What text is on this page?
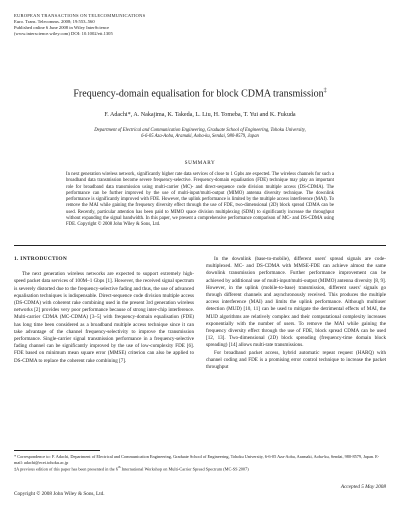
EUROPEAN TRANSACTIONS ON TELECOMMUNICATIONS
Euro. Trans. Telecomms. 2008; 19:553–560
Published online 6 June 2008 in Wiley InterScience
(www.interscience.wiley.com) DOI: 10.1002/ett.1305
Frequency-domain equalisation for block CDMA transmission‡
F. Adachi*, A. Nakajima, K. Takeda, L. Liu, H. Tomeba, T. Yui and K. Fukuda
Department of Electrical and Communication Engineering, Graduate School of Engineering, Tohoku University,
6-6-05 Aza-Aoba, Aramaki, Aoba-ku, Sendai, 980-8579, Japan
SUMMARY
In next generation wireless network, significantly higher rate data services of close to 1 Gpbs are expected. The wireless channels for such a broadband data transmission become severe frequency-selective. Frequency-domain equalisation (FDE) technique may play an important role for broadband data transmission using multi-carrier (MC)- and direct-sequence code division multiple access (DS-CDMA). The performance can be further improved by the use of multi-input/multi-output (MIMO) antenna diversity technique. The downlink performance is significantly improved with FDE. However, the uplink performance is limited by the multiple access interference (MAI). To remove the MAI while gaining the frequency diversity effect through the use of FDE, two-dimensional (2D) block spread CDMA can be used. Recently, particular attention has been paid to MIMO space division multiplexing (SDM) to significantly increase the throughput without expanding the signal bandwidth. In this paper, we present a comprehensive performance comparison of MC- and DS-CDMA using FDE. Copyright © 2008 John Wiley & Sons, Ltd.

1. INTRODUCTION

The next generation wireless networks are expected to support extremely high-speed packet data services of 100M–1 Gbps [1]. However, the received signal spectrum is severely distorted due to the frequency-selective fading and thus, the use of advanced equalisation techniques is indispensable. Direct-sequence code division multiple access (DS-CDMA) with coherent rake combining used in the present 3rd generation wireless networks [2] provides very poor performance because of strong inter-chip interference. Multi-carrier CDMA (MC-CDMA) [3–5] with frequency-domain equalisation (FDE) has long time been considered as a broadband multiple access technique since it can take advantage of the channel frequency-selectivity to improve the transmission performance. Single-carrier signal transmission performance in a frequency-selective fading channel can be significantly improved by the use of low-complexity FDE [6]. FDE based on minimum mean square error (MMSE) criterion can also be applied to DS-CDMA to replace the coherent rake combining [7].

In the downlink (base-to-mobile), different users' spread signals are code-multiplexed. MC- and DS-CDMA with MMSE-FDE can achieve almost the same downlink transmission performance. Further performance improvement can be achieved by additional use of multi-input/multi-output (MIMO) antenna diversity [8, 9]. However, in the uplink (mobile-to-base) transmission, different users' signals go through different channels and asynchronously received. This produces the multiple access interference (MAI) and limits the uplink performance. Although multiuser detection (MUD) [10, 11] can be used to mitigate the detrimental effects of MAI, the MUD algorithms are relatively complex and their computational complexity increases exponentially with the number of users. To remove the MAI while gaining the frequency diversity effect through the use of FDE, block spread CDMA can be used [12, 13]. Two-dimensional (2D) block spreading (frequency-time domain block spreading) [14] allows multi-rate transmissions.

For broadband packet access, hybrid automatic repeat request (HARQ) with channel coding and FDE is a promising error control technique to increase the packet throughput

* Correspondence to: F. Adachi, Department of Electrical and Communication Engineering, Graduate School of Engineering, Tohoku University, 6-6-05 Aza-Aoba, Aramaki, Aoba-ku, Sendai, 980-8579, Japan. E-mail: adachi@ecei.tohoku.ac.jp

‡A previous edition of this paper has been presented in the 6th International Workshop on Multi-Carrier Spread Spectrum (MC-SS 2007)

Accepted 5 May 2008
Copyright © 2008 John Wiley & Sons, Ltd.
